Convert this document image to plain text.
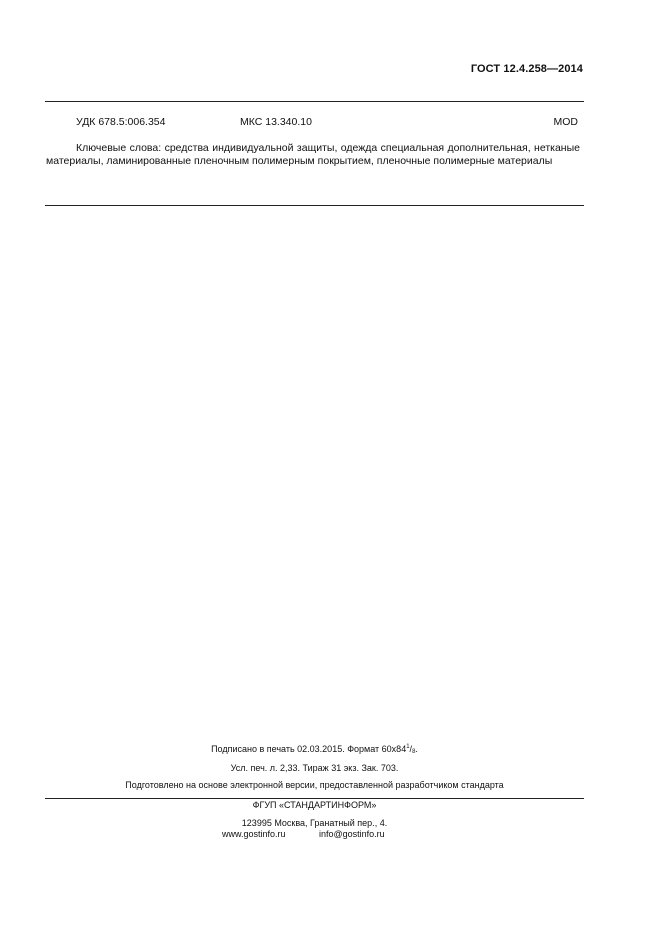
ГОСТ 12.4.258—2014
УДК 678.5:006.354	МКС 13.340.10	MOD

Ключевые слова: средства индивидуальной защиты, одежда специальная дополнительная, нетканые материалы, ламинированные пленочным полимерным покрытием, пленочные полимерные материалы

Подписано в печать 02.03.2015. Формат $60х84^1/_8$.
Усл. печ. л. 2,33. Тираж 31 экз. Зак. 703.
Подготовлено на основе электронной версии, предоставленной разработчиком стандарта
ФГУП «СТАНДАРТИНФОРМ»
123995 Москва, Гранатный пер., 4.
www.gostinfo.ru	info@gostinfo.ru
